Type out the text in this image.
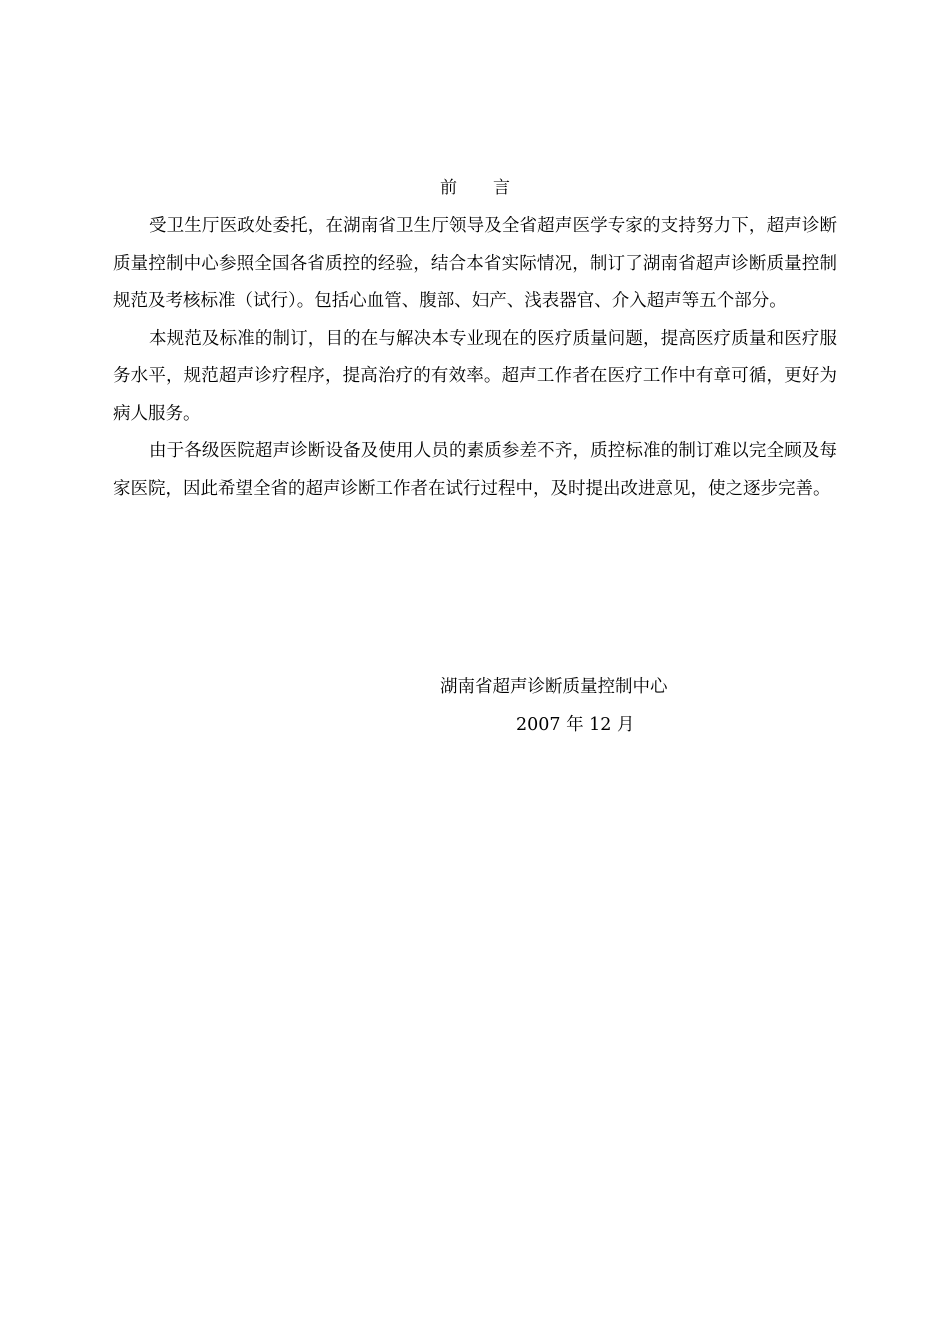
前言

受卫生厅医政处委托，在湖南省卫生厅领导及全省超声医学专家的支持努力下，超声诊断质量控制中心参照全国各省质控的经验，结合本省实际情况，制订了湖南省超声诊断质量控制规范及考核标准（试行）。包括心血管、腹部、妇产、浅表器官、介入超声等五个部分。

本规范及标准的制订，目的在与解决本专业现在的医疗质量问题，提高医疗质量和医疗服务水平，规范超声诊疗程序，提高治疗的有效率。超声工作者在医疗工作中有章可循，更好为病人服务。

由于各级医院超声诊断设备及使用人员的素质参差不齐，质控标准的制订难以完全顾及每家医院，因此希望全省的超声诊断工作者在试行过程中，及时提出改进意见，使之逐步完善。

湖南省超声诊断质量控制中心
2007 年 12 月
